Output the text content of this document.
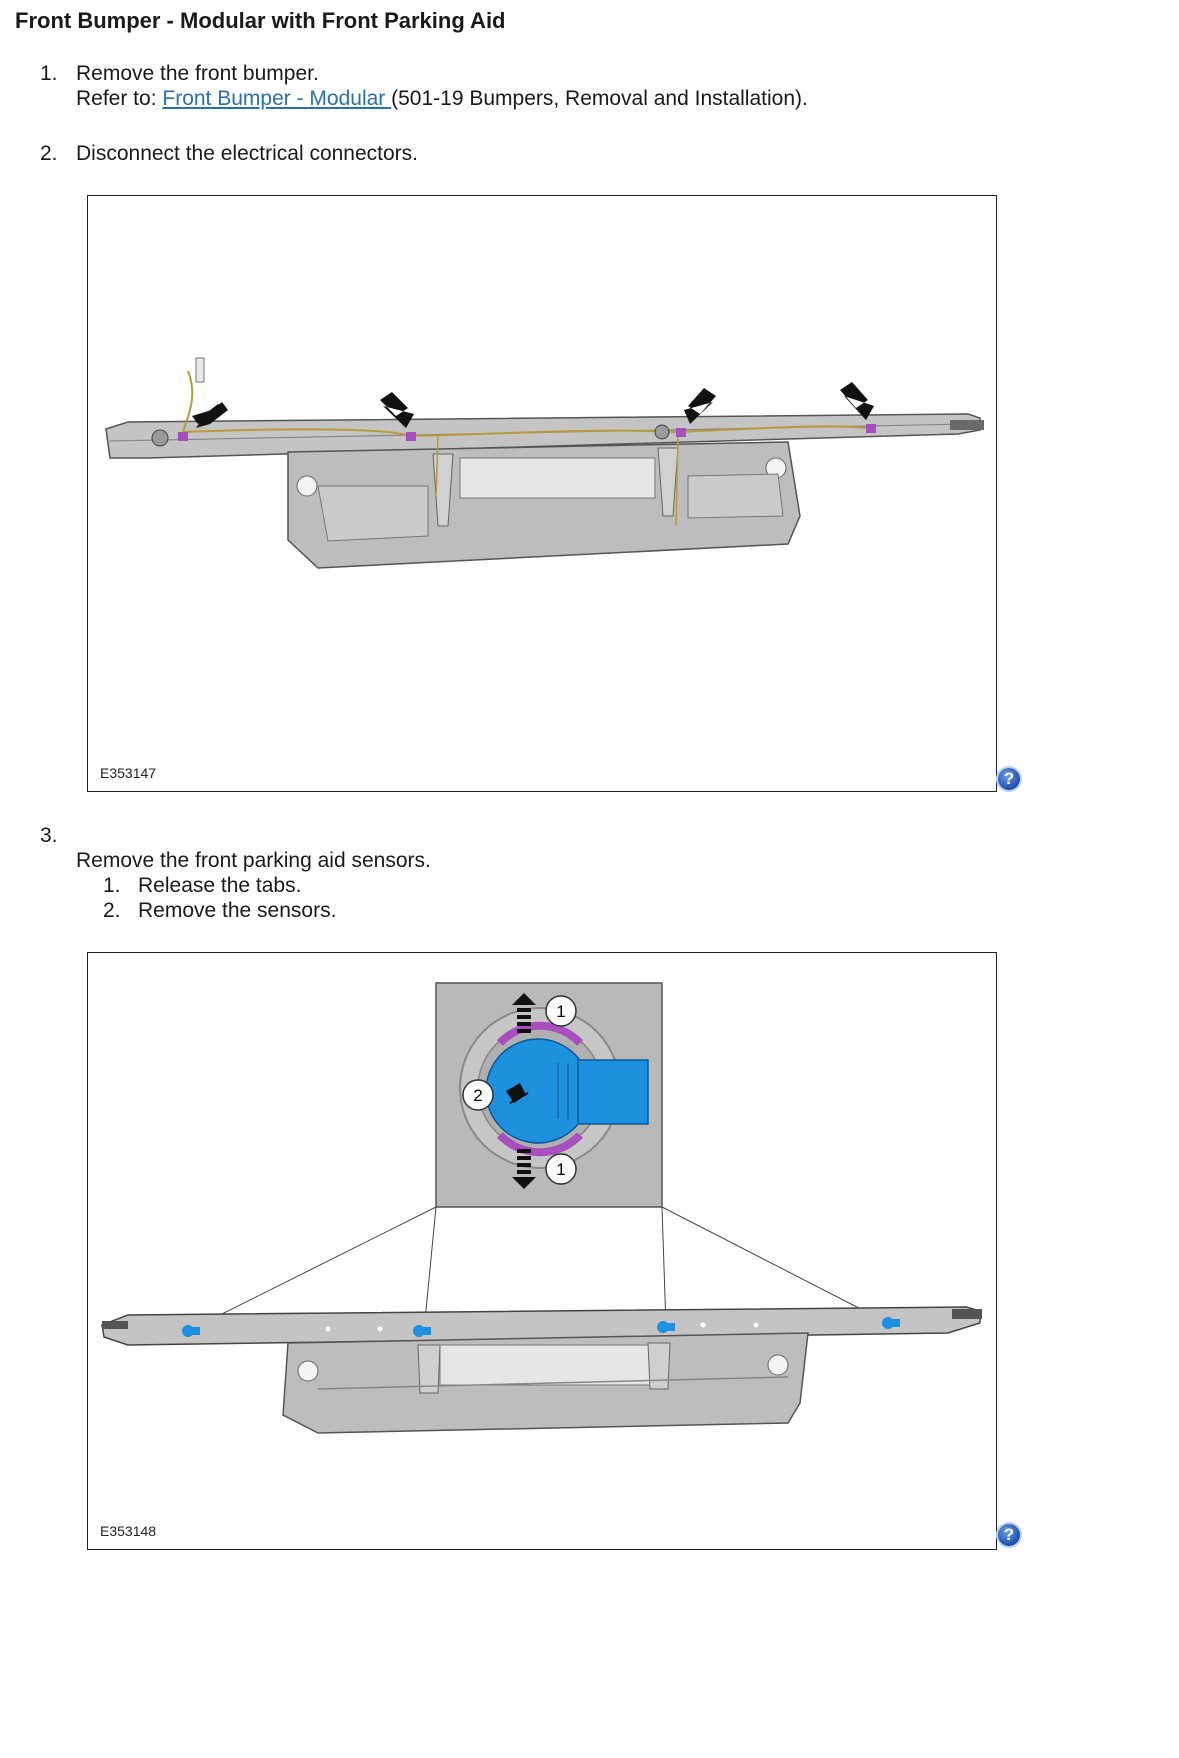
Front Bumper - Modular with Front Parking Aid
1. Remove the front bumper.
Refer to: Front Bumper - Modular (501-19 Bumpers, Removal and Installation).
2. Disconnect the electrical connectors.
E353147	?
3.
Remove the front parking aid sensors.
1. Release the tabs.
2. Remove the sensors.
1
2
1
E353148	?
